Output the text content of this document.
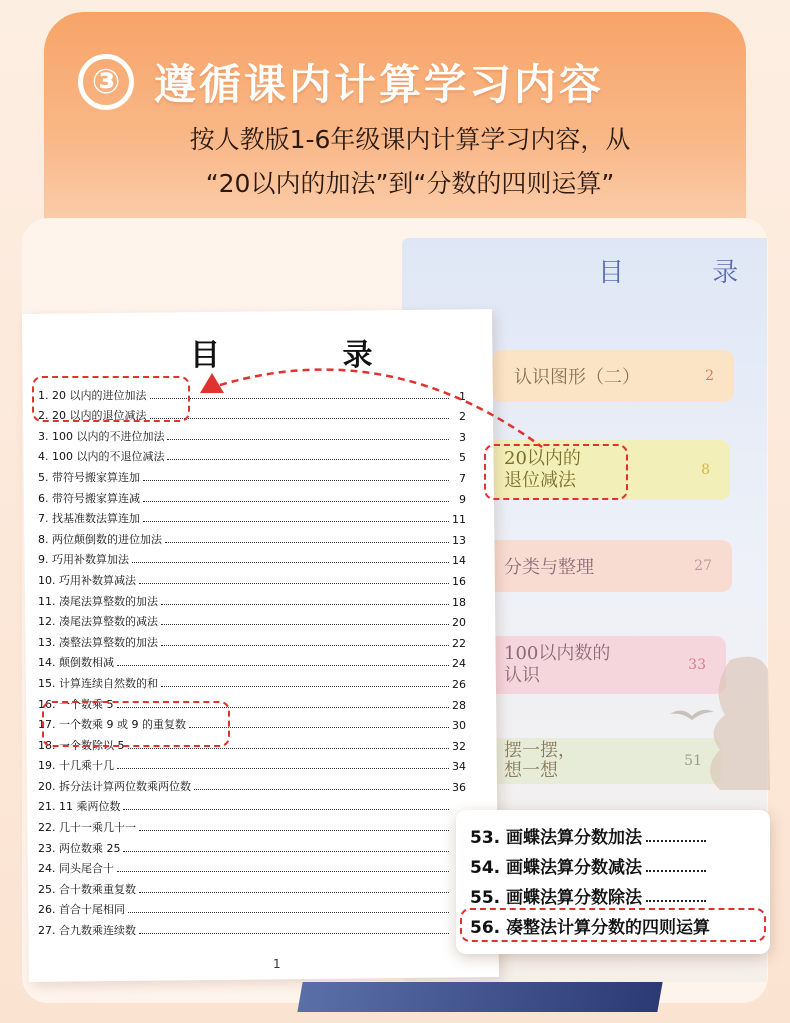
③ 遵循课内计算学习内容
按人教版1-6年级课内计算学习内容，从
“20以内的加法”到“分数的四则运算”
目 录
认识图形（二）	2
20以内的
退位减法	8
分类与整理	27
100以内数的
认识	33
摆一摆，
想一想	51
目 录
1. 20 以内的进位加法	1
2. 20 以内的退位减法	2
3. 100 以内的不进位加法	3
4. 100 以内的不退位减法	5
5. 带符号搬家算连加	7
6. 带符号搬家算连减	9
7. 找基准数法算连加	11
8. 两位颠倒数的进位加法	13
9. 巧用补数算加法	14
10. 巧用补数算减法	16
11. 凑尾法算整数的加法	18
12. 凑尾法算整数的减法	20
13. 凑整法算整数的加法	22
14. 颠倒数相减	24
15. 计算连续自然数的和	26
16. 一个数乘 5	28
17. 一个数乘 9 或 9 的重复数	30
18. 一个数除以 5	32
19. 十几乘十几	34
20. 拆分法计算两位数乘两位数	36
21. 11 乘两位数
22. 几十一乘几十一
23. 两位数乘 25
24. 同头尾合十
25. 合十数乘重复数
26. 首合十尾相同
27. 合九数乘连续数
1
53. 画蝶法算分数加法
54. 画蝶法算分数减法
55. 画蝶法算分数除法
56. 凑整法计算分数的四则运算
